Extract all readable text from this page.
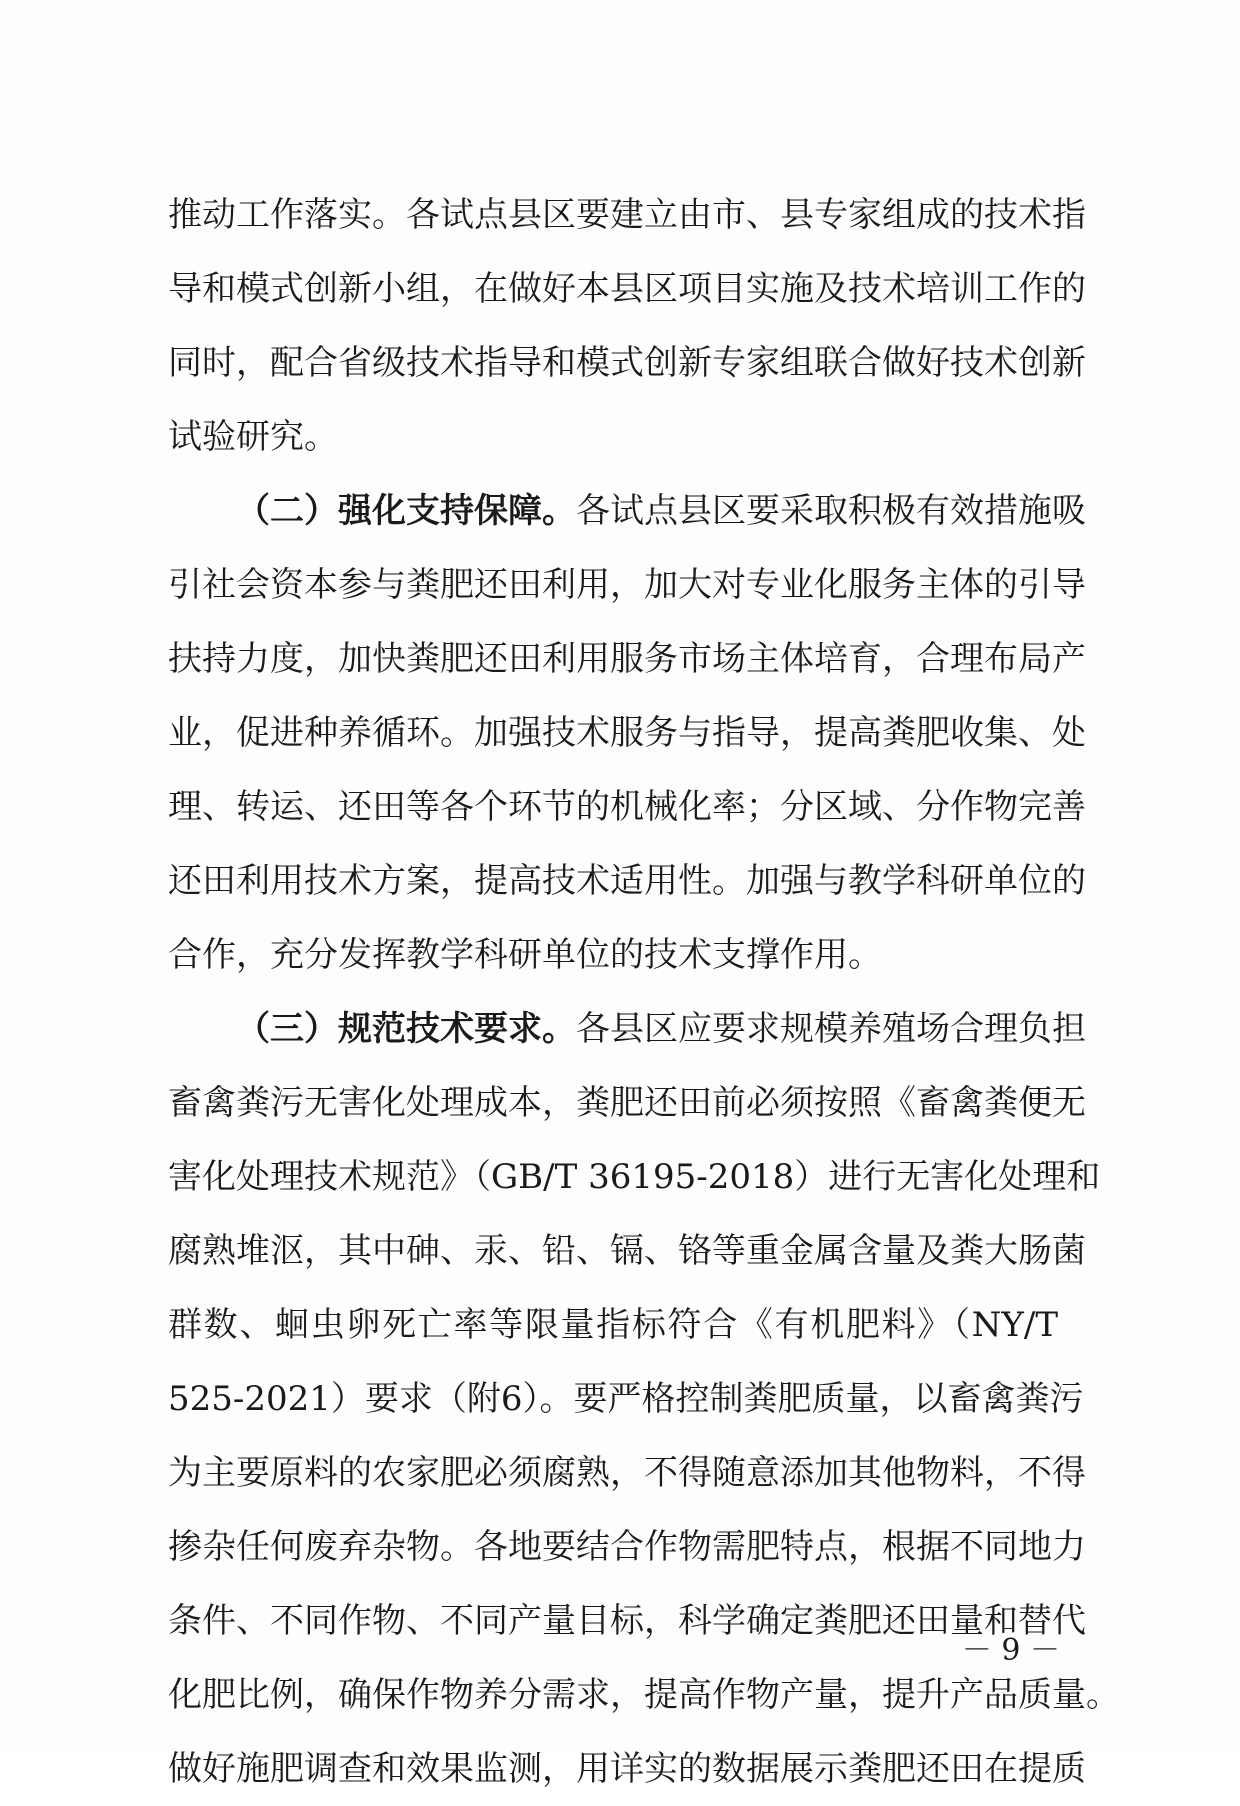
推动工作落实。各试点县区要建立由市、县专家组成的技术指
导和模式创新小组，在做好本县区项目实施及技术培训工作的
同时，配合省级技术指导和模式创新专家组联合做好技术创新
试验研究。
（二）强化支持保障。各试点县区要采取积极有效措施吸
引社会资本参与粪肥还田利用，加大对专业化服务主体的引导
扶持力度，加快粪肥还田利用服务市场主体培育，合理布局产
业，促进种养循环。加强技术服务与指导，提高粪肥收集、处
理、转运、还田等各个环节的机械化率；分区域、分作物完善
还田利用技术方案，提高技术适用性。加强与教学科研单位的
合作，充分发挥教学科研单位的技术支撑作用。
（三）规范技术要求。各县区应要求规模养殖场合理负担
畜禽粪污无害化处理成本，粪肥还田前必须按照《畜禽粪便无
害化处理技术规范》（GB/T 36195-2018）进行无害化处理和
腐熟堆沤，其中砷、汞、铅、镉、铬等重金属含量及粪大肠菌
群数、蛔虫卵死亡率等限量指标符合《有机肥料》（NY/T
525-2021）要求（附6）。要严格控制粪肥质量，以畜禽粪污
为主要原料的农家肥必须腐熟，不得随意添加其他物料，不得
掺杂任何废弃杂物。各地要结合作物需肥特点，根据不同地力
条件、不同作物、不同产量目标，科学确定粪肥还田量和替代
化肥比例，确保作物养分需求，提高作物产量，提升产品质量。
做好施肥调查和效果监测，用详实的数据展示粪肥还田在提质
－ 9 －
